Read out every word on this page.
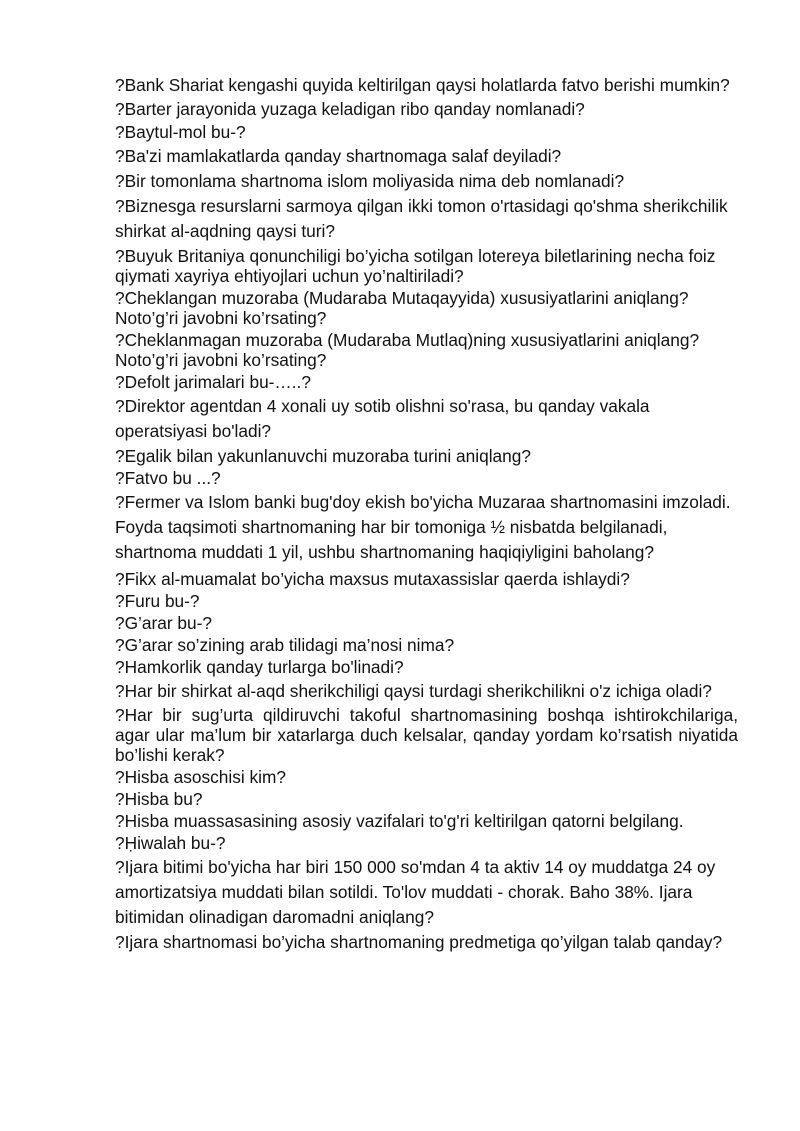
?Bank Shariat kengashi quyida keltirilgan qaysi holatlarda fatvo berishi mumkin?

?Barter jarayonida yuzaga keladigan ribo qanday nomlanadi?

?Baytul-mol bu-?

?Ba'zi mamlakatlarda qanday shartnomaga salaf deyiladi?

?Bir tomonlama shartnoma islom moliyasida nima deb nomlanadi?

?Biznesga resurslarni sarmoya qilgan ikki tomon o'rtasidagi qo'shma sherikchilik shirkat al-aqdning qaysi turi?

?Buyuk Britaniya qonunchiligi bo’yicha sotilgan lotereya biletlarining necha foiz qiymati xayriya ehtiyojlari uchun yo’naltiriladi?

?Cheklangan muzoraba (Mudaraba Mutaqayyida) xususiyatlarini aniqlang? Noto’g’ri javobni ko’rsating?

?Cheklanmagan muzoraba (Mudaraba Mutlaq)ning xususiyatlarini aniqlang?Noto’g’ri javobni ko’rsating?

?Defolt jarimalari bu-…..?

?Direktor agentdan 4 xonali uy sotib olishni so'rasa, bu qanday vakala operatsiyasi bo'ladi?

?Egalik bilan yakunlanuvchi muzoraba turini aniqlang?

?Fatvo bu ...?

?Fermer va Islom banki bug'doy ekish bo'yicha Muzaraa shartnomasini imzoladi. Foyda taqsimoti shartnomaning har bir tomoniga ½ nisbatda belgilanadi, shartnoma muddati 1 yil, ushbu shartnomaning haqiqiyligini baholang?

?Fikx al-muamalat bo’yicha maxsus mutaxassislar qaerda ishlaydi?

?Furu bu-?

?G’arar bu-?

?G’arar so’zining arab tilidagi ma’nosi nima?

?Hamkorlik qanday turlarga bo'linadi?

?Har bir shirkat al-aqd sherikchiligi qaysi turdagi sherikchilikni o'z ichiga oladi?

?Har bir sug’urta qildiruvchi takoful shartnomasining boshqa ishtirokchilariga, agar ular ma’lum bir xatarlarga duch kelsalar, qanday yordam ko’rsatish niyatida bo’lishi kerak?

?Hisba asoschisi kim?

?Hisba bu?

?Hisba muassasasining asosiy vazifalari to'g'ri keltirilgan qatorni belgilang.

?Ḥiwalah bu-?

?Ijara bitimi bo'yicha har biri 150 000 so'mdan 4 ta aktiv 14 oy muddatga 24 oy amortizatsiya muddati bilan sotildi. To'lov muddati - chorak. Baho 38%. Ijara bitimidan olinadigan daromadni aniqlang?

?Ijara shartnomasi bo’yicha shartnomaning predmetiga qo’yilgan talab qanday?
